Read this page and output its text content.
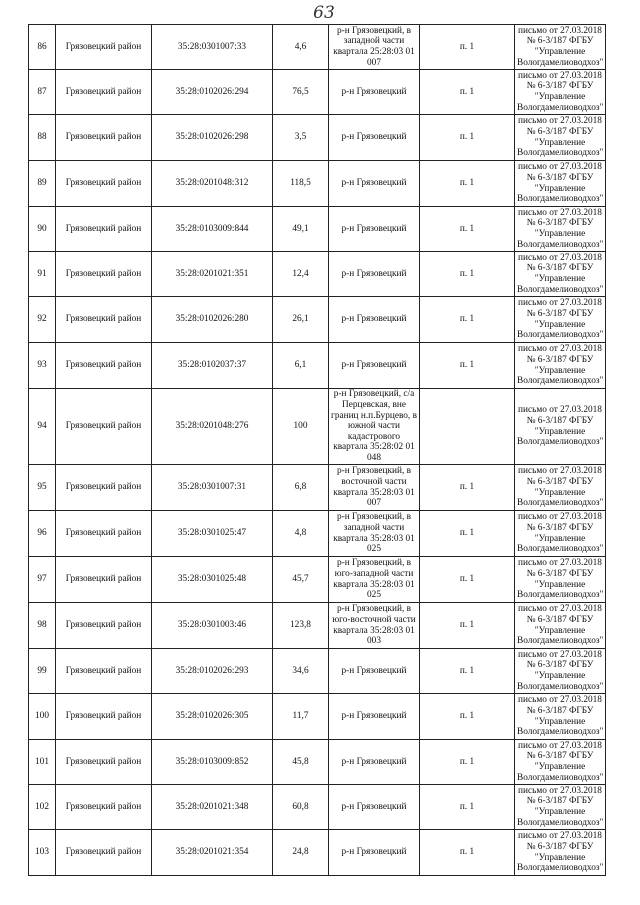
63
86	Грязовецкий район	35:28:0301007:33	4,6	р-н Грязовецкий, в западной части квартала 25:28:03 01 007	п. 1	письмо от 27.03.2018 № 6-3/187 ФГБУ "Управление Вологдамелиоводхоз"
87	Грязовецкий район	35:28:0102026:294	76,5	р-н Грязовецкий	п. 1	письмо от 27.03.2018 № 6-3/187 ФГБУ "Управление Вологдамелиоводхоз"
88	Грязовецкий район	35:28:0102026:298	3,5	р-н Грязовецкий	п. 1	письмо от 27.03.2018 № 6-3/187 ФГБУ "Управление Вологдамелиоводхоз"
89	Грязовецкий район	35:28:0201048:312	118,5	р-н Грязовецкий	п. 1	письмо от 27.03.2018 № 6-3/187 ФГБУ "Управление Вологдамелиоводхоз"
90	Грязовецкий район	35:28:0103009:844	49,1	р-н Грязовецкий	п. 1	письмо от 27.03.2018 № 6-3/187 ФГБУ "Управление Вологдамелиоводхоз"
91	Грязовецкий район	35:28:0201021:351	12,4	р-н Грязовецкий	п. 1	письмо от 27.03.2018 № 6-3/187 ФГБУ "Управление Вологдамелиоводхоз"
92	Грязовецкий район	35:28:0102026:280	26,1	р-н Грязовецкий	п. 1	письмо от 27.03.2018 № 6-3/187 ФГБУ "Управление Вологдамелиоводхоз"
93	Грязовецкий район	35:28:0102037:37	6,1	р-н Грязовецкий	п. 1	письмо от 27.03.2018 № 6-3/187 ФГБУ "Управление Вологдамелиоводхоз"
94	Грязовецкий район	35:28:0201048:276	100	р-н Грязовецкий, с/а Перцевская, вне границ н.п.Бурцево, в южной части кадастрового квартала 35:28:02 01 048		письмо от 27.03.2018 № 6-3/187 ФГБУ "Управление Вологдамелиоводхоз"
95	Грязовецкий район	35:28:0301007:31	6,8	р-н Грязовецкий, в восточной части квартала 35:28:03 01 007	п. 1	письмо от 27.03.2018 № 6-3/187 ФГБУ "Управление Вологдамелиоводхоз"
96	Грязовецкий район	35:28:0301025:47	4,8	р-н Грязовецкий, в западной части квартала 35:28:03 01 025	п. 1	письмо от 27.03.2018 № 6-3/187 ФГБУ "Управление Вологдамелиоводхоз"
97	Грязовецкий район	35:28:0301025:48	45,7	р-н Грязовецкий, в юго-западной части квартала 35:28:03 01 025	п. 1	письмо от 27.03.2018 № 6-3/187 ФГБУ "Управление Вологдамелиоводхоз"
98	Грязовецкий район	35:28:0301003:46	123,8	р-н Грязовецкий, в юго-восточной части квартала 35:28:03 01 003	п. 1	письмо от 27.03.2018 № 6-3/187 ФГБУ "Управление Вологдамелиоводхоз"
99	Грязовецкий район	35:28:0102026:293	34,6	р-н Грязовецкий	п. 1	письмо от 27.03.2018 № 6-3/187 ФГБУ "Управление Вологдамелиоводхоз"
100	Грязовецкий район	35:28:0102026:305	11,7	р-н Грязовецкий	п. 1	письмо от 27.03.2018 № 6-3/187 ФГБУ "Управление Вологдамелиоводхоз"
101	Грязовецкий район	35:28:0103009:852	45,8	р-н Грязовецкий	п. 1	письмо от 27.03.2018 № 6-3/187 ФГБУ "Управление Вологдамелиоводхоз"
102	Грязовецкий район	35:28:0201021:348	60,8	р-н Грязовецкий	п. 1	письмо от 27.03.2018 № 6-3/187 ФГБУ "Управление Вологдамелиоводхоз"
103	Грязовецкий район	35:28:0201021:354	24,8	р-н Грязовецкий	п. 1	письмо от 27.03.2018 № 6-3/187 ФГБУ "Управление Вологдамелиоводхоз"
